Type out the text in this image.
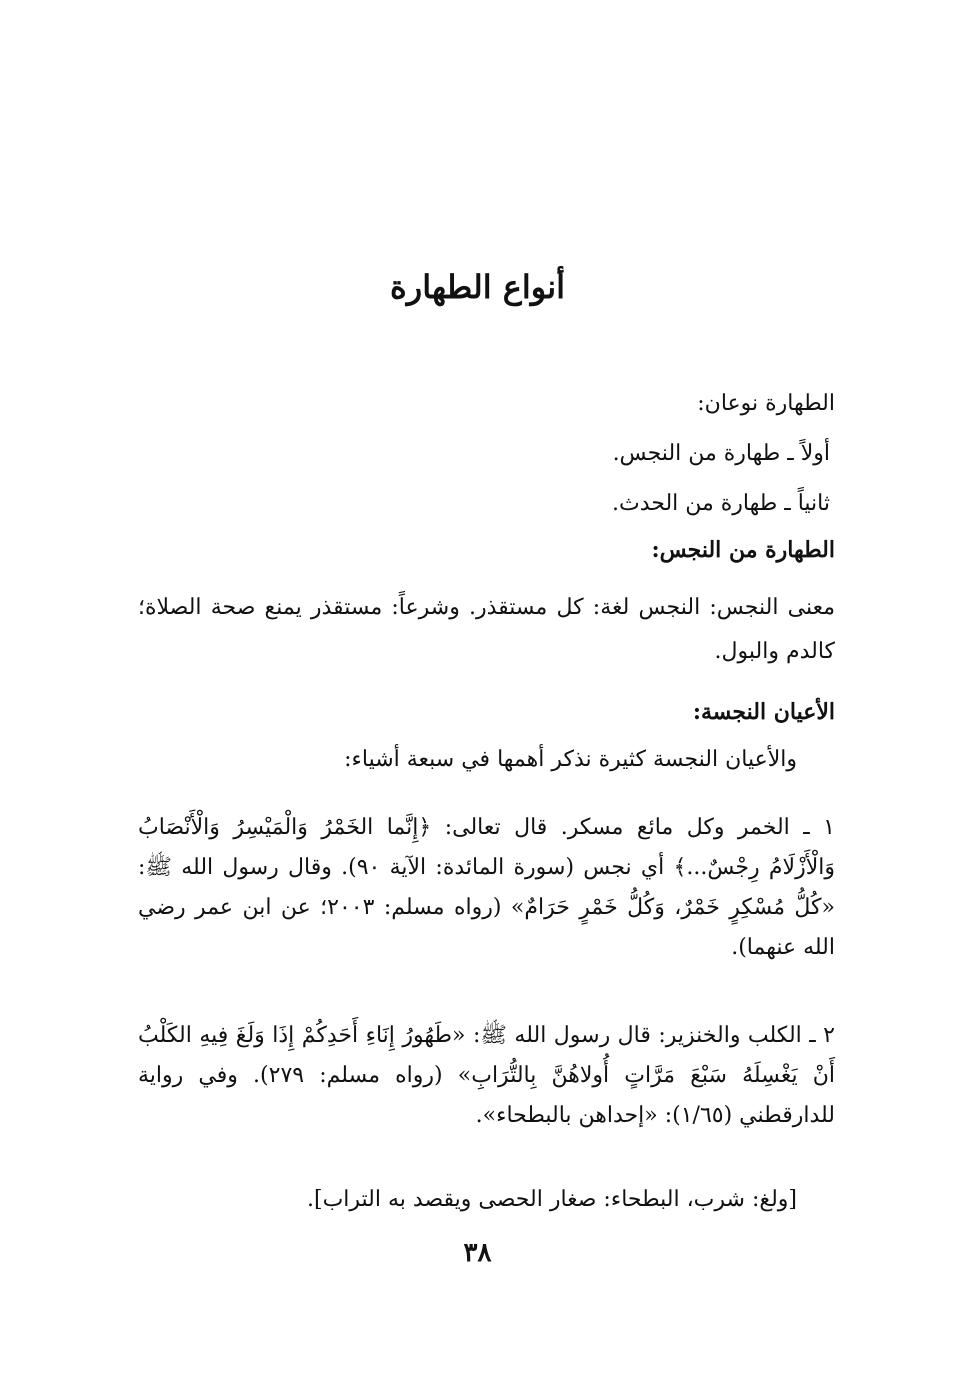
أنواع الطهارة
الطهارة نوعان:
أولاً ـ طهارة من النجس.
ثانياً ـ طهارة من الحدث.
الطهارة من النجس:
معنى النجس: النجس لغة: كل مستقذر. وشرعاً: مستقذر يمنع صحة الصلاة؛ كالدم والبول.
الأعيان النجسة:
والأعيان النجسة كثيرة نذكر أهمها في سبعة أشياء:
١ ـ الخمر وكل مائع مسكر. قال تعالى: ﴿إِنَّما الخَمْرُ وَالْمَيْسِرُ وَالْأَنْصَابُ وَالْأَزْلَامُ رِجْسٌ...﴾ أي نجس (سورة المائدة: الآية ٩٠). وقال رسول الله ﷺ: «كُلُّ مُسْكِرٍ خَمْرٌ، وَكُلُّ خَمْرٍ حَرَامٌ» (رواه مسلم: ٢٠٠٣؛ عن ابن عمر رضي الله عنهما).
٢ ـ الكلب والخنزير: قال رسول الله ﷺ: «طَهُورُ إِنَاءِ أَحَدِكُمْ إِذَا وَلَغَ فِيهِ الكَلْبُ أَنْ يَغْسِلَهُ سَبْعَ مَرَّاتٍ أُولاهُنَّ بِالتُّرَابِ» (رواه مسلم: ٢٧٩). وفي رواية للدارقطني (١/٦٥): «إحداهن بالبطحاء».
[ولغ: شرب، البطحاء: صغار الحصى ويقصد به التراب].
٣٨
